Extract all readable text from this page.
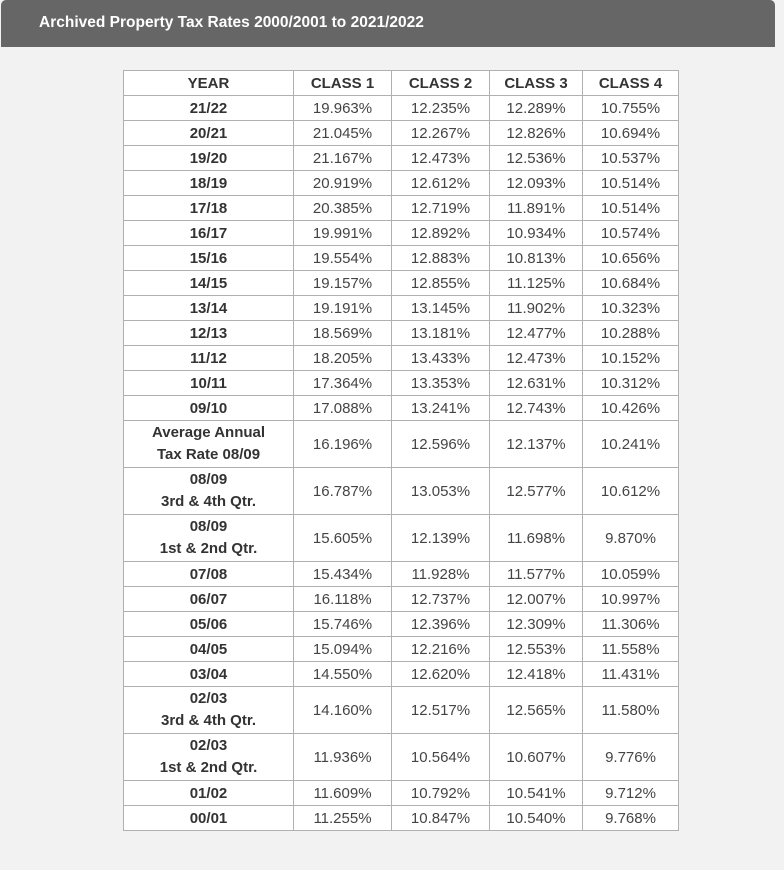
Archived Property Tax Rates 2000/2001 to 2021/2022
YEAR	CLASS 1	CLASS 2	CLASS 3	CLASS 4

21/22	19.963%	12.235%	12.289%	10.755%

20/21	21.045%	12.267%	12.826%	10.694%

19/20	21.167%	12.473%	12.536%	10.537%

18/19	20.919%	12.612%	12.093%	10.514%

17/18	20.385%	12.719%	11.891%	10.514%

16/17	19.991%	12.892%	10.934%	10.574%

15/16	19.554%	12.883%	10.813%	10.656%

14/15	19.157%	12.855%	11.125%	10.684%

13/14	19.191%	13.145%	11.902%	10.323%

12/13	18.569%	13.181%	12.477%	10.288%

11/12	18.205%	13.433%	12.473%	10.152%

10/11	17.364%	13.353%	12.631%	10.312%

09/10	17.088%	13.241%	12.743%	10.426%

Average Annual
Tax Rate 08/09	16.196%	12.596%	12.137%	10.241%

08/09
3rd & 4th Qtr.	16.787%	13.053%	12.577%	10.612%

08/09
1st & 2nd Qtr.	15.605%	12.139%	11.698%	9.870%

07/08	15.434%	11.928%	11.577%	10.059%

06/07	16.118%	12.737%	12.007%	10.997%

05/06	15.746%	12.396%	12.309%	11.306%

04/05	15.094%	12.216%	12.553%	11.558%

03/04	14.550%	12.620%	12.418%	11.431%

02/03
3rd & 4th Qtr.	14.160%	12.517%	12.565%	11.580%

02/03
1st & 2nd Qtr.	11.936%	10.564%	10.607%	9.776%

01/02	11.609%	10.792%	10.541%	9.712%

00/01	11.255%	10.847%	10.540%	9.768%
